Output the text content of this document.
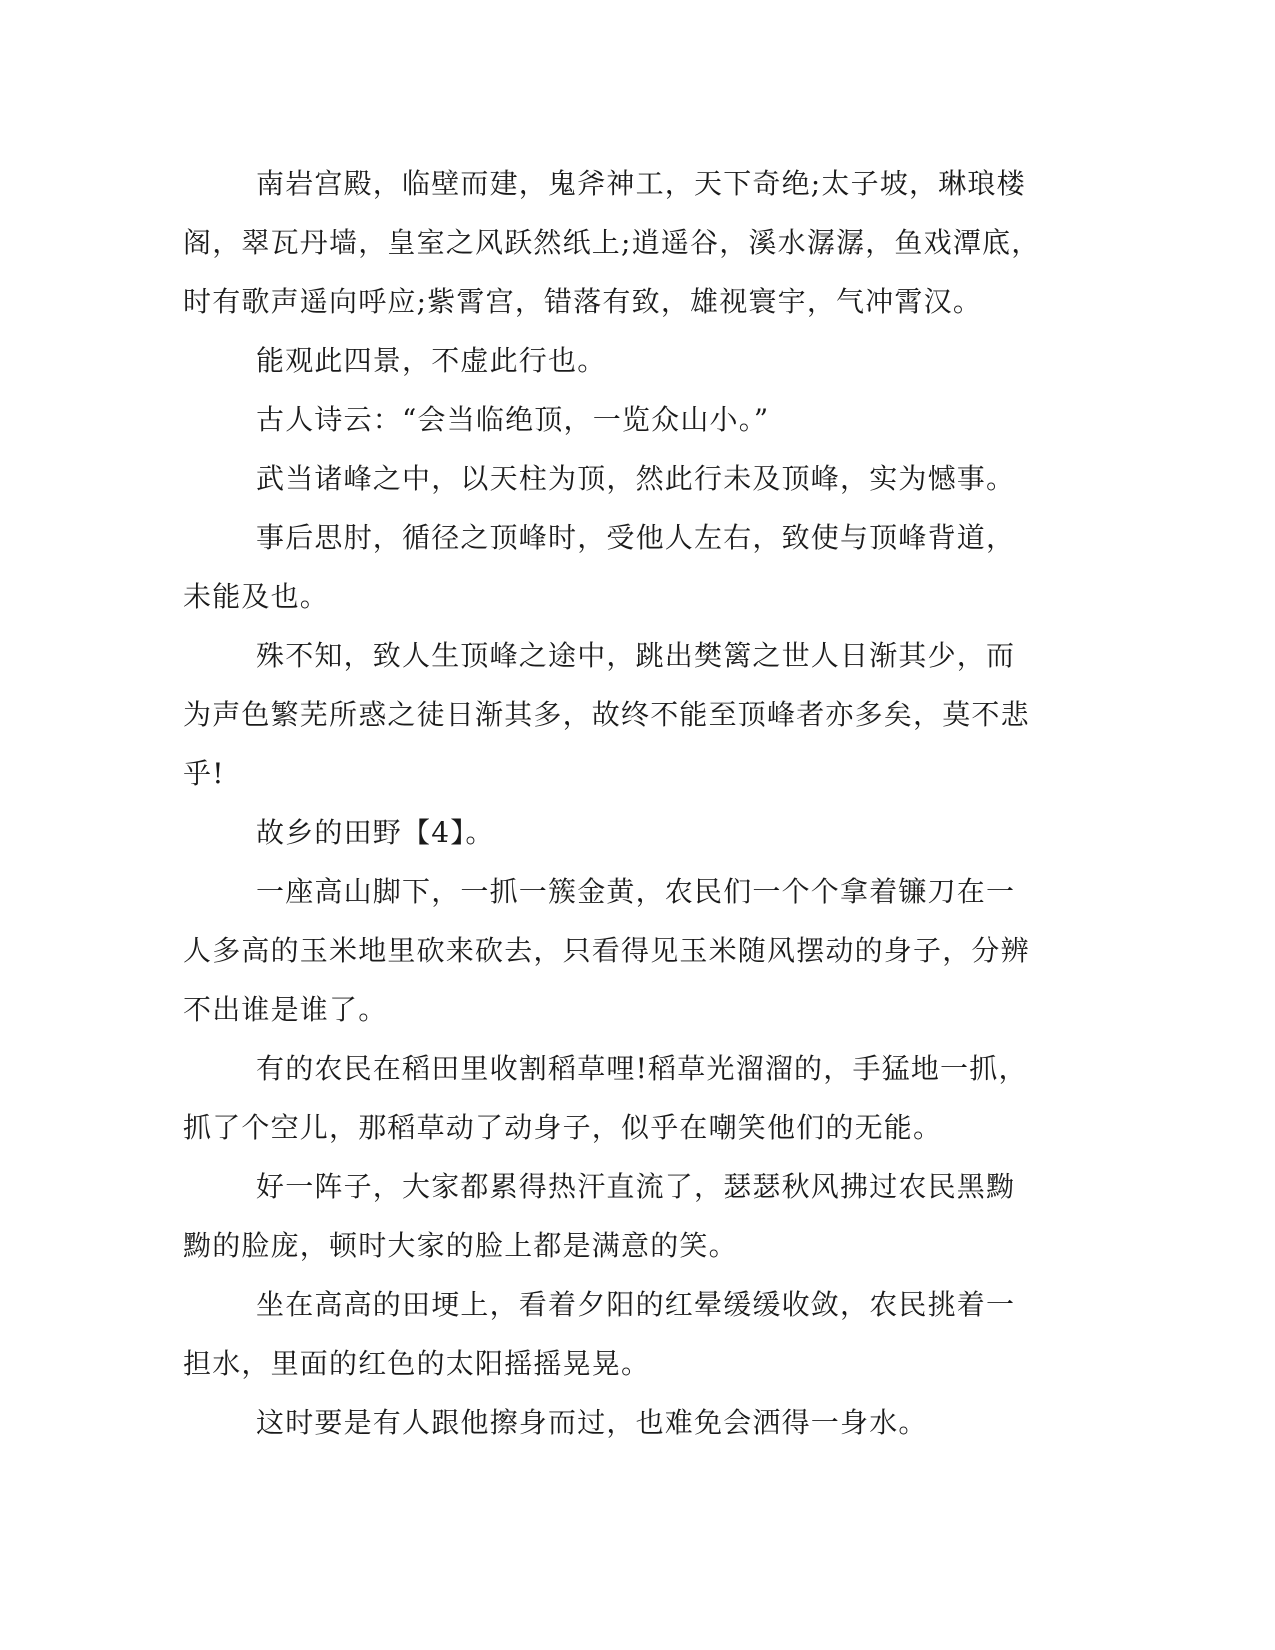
南岩宫殿，临壁而建，鬼斧神工，天下奇绝;太子坡，琳琅楼阁，翠瓦丹墙，皇室之风跃然纸上;逍遥谷，溪水潺潺，鱼戏潭底，时有歌声遥向呼应;紫霄宫，错落有致，雄视寰宇，气冲霄汉。

能观此四景，不虚此行也。

古人诗云：“会当临绝顶，一览众山小。”

武当诸峰之中，以天柱为顶，然此行未及顶峰，实为憾事。

事后思肘，循径之顶峰时，受他人左右，致使与顶峰背道，未能及也。

殊不知，致人生顶峰之途中，跳出樊篱之世人日渐其少，而为声色繁芜所惑之徒日渐其多，故终不能至顶峰者亦多矣，莫不悲乎!

故乡的田野【4】。

一座高山脚下，一抓一簇金黄，农民们一个个拿着镰刀在一人多高的玉米地里砍来砍去，只看得见玉米随风摆动的身子，分辨不出谁是谁了。

有的农民在稻田里收割稻草哩!稻草光溜溜的，手猛地一抓，抓了个空儿，那稻草动了动身子，似乎在嘲笑他们的无能。

好一阵子，大家都累得热汗直流了，瑟瑟秋风拂过农民黑黝黝的脸庞，顿时大家的脸上都是满意的笑。

坐在高高的田埂上，看着夕阳的红晕缓缓收敛，农民挑着一担水，里面的红色的太阳摇摇晃晃。

这时要是有人跟他擦身而过，也难免会洒得一身水。
